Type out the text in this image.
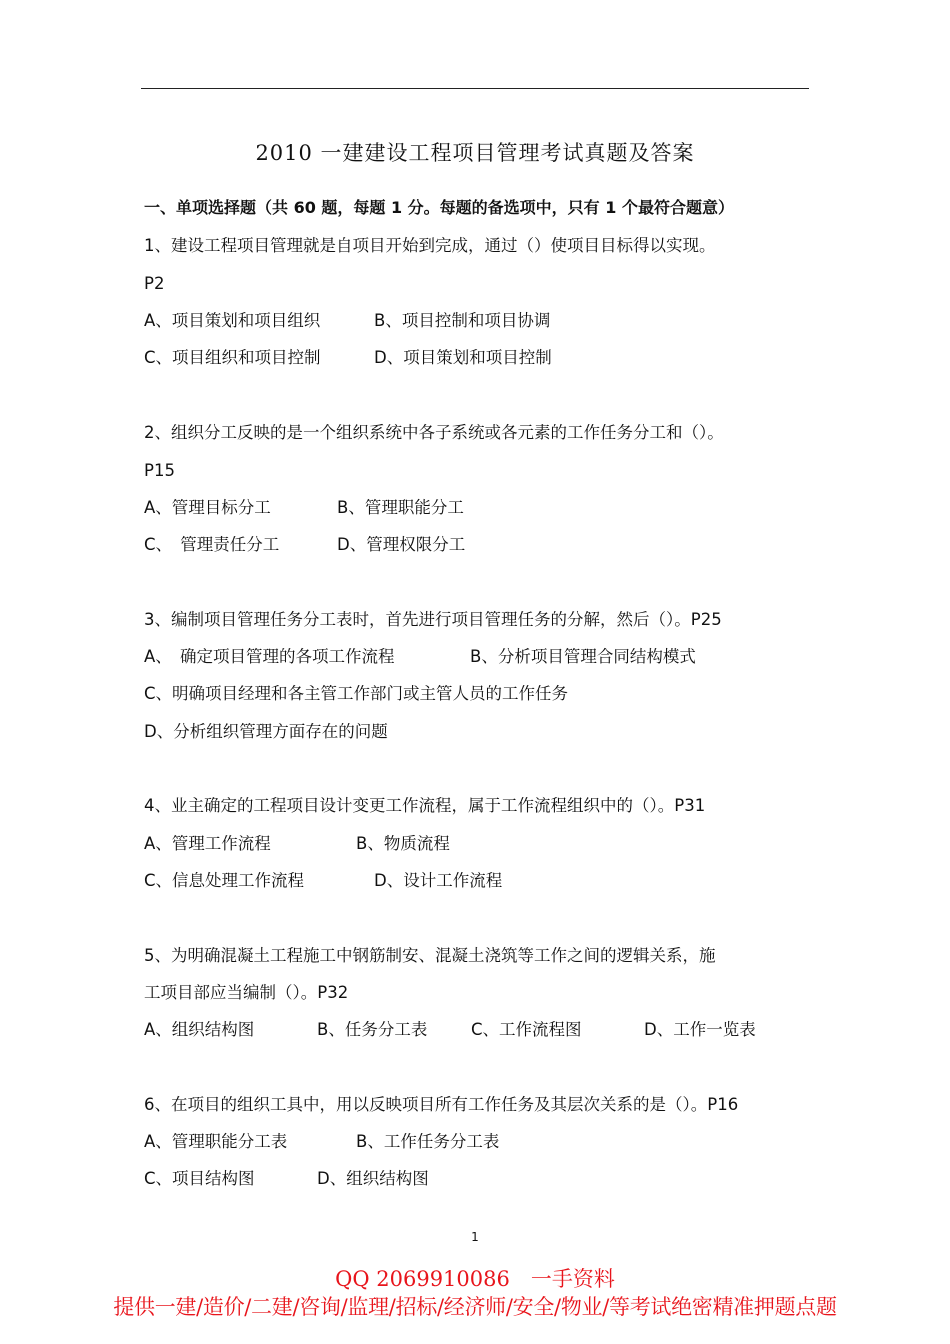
2010 一建建设工程项目管理考试真题及答案
一、单项选择题（共 60 题，每题 1 分。每题的备选项中，只有 1 个最符合题意）
1、建设工程项目管理就是自项目开始到完成，通过（）使项目目标得以实现。
P2
A、项目策划和项目组织	B、项目控制和项目协调
C、项目组织和项目控制	D、项目策划和项目控制
2、组织分工反映的是一个组织系统中各子系统或各元素的工作任务分工和（）。
P15
A、管理目标分工	B、管理职能分工
C、　管理责任分工	D、管理权限分工
3、编制项目管理任务分工表时，首先进行项目管理任务的分解，然后（）。P25
A、　确定项目管理的各项工作流程	B、分析项目管理合同结构模式
C、明确项目经理和各主管工作部门或主管人员的工作任务
D、分析组织管理方面存在的问题
4、业主确定的工程项目设计变更工作流程，属于工作流程组织中的（）。P31
A、管理工作流程	B、物质流程
C、信息处理工作流程	D、设计工作流程
5、为明确混凝土工程施工中钢筋制安、混凝土浇筑等工作之间的逻辑关系，施
工项目部应当编制（）。P32
A、组织结构图	B、任务分工表	C、工作流程图	D、工作一览表
6、在项目的组织工具中，用以反映项目所有工作任务及其层次关系的是（）。P16
A、管理职能分工表	B、工作任务分工表
C、项目结构图	D、组织结构图
1
QQ 2069910086　一手资料
提供一建/造价/二建/咨询/监理/招标/经济师/安全/物业/等考试绝密精准押题点题
